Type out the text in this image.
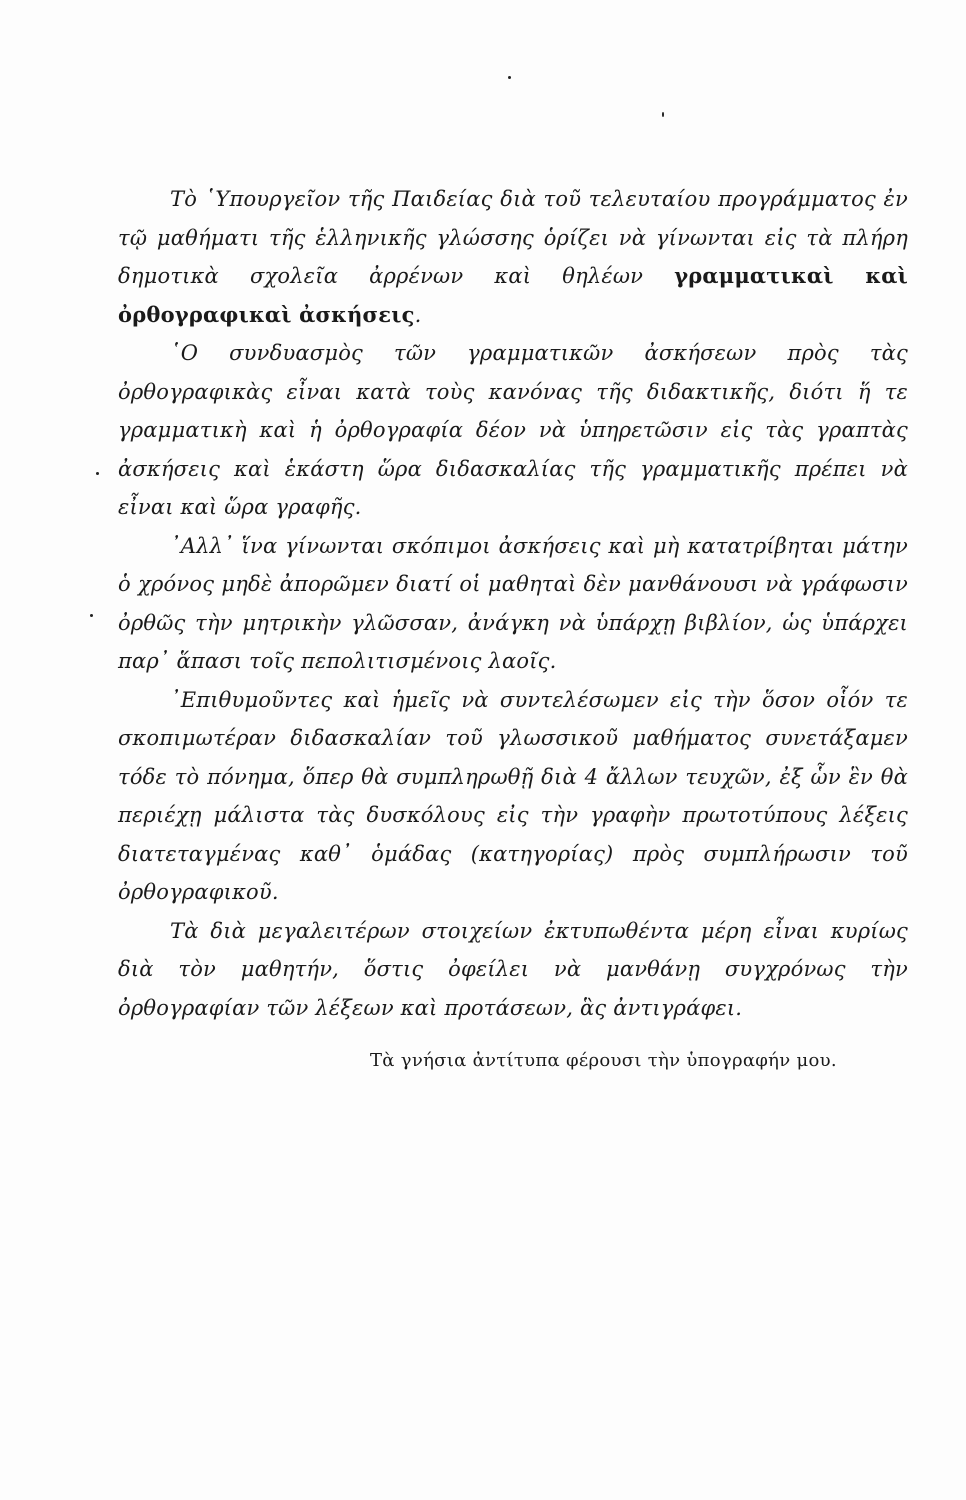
Τὸ ῾Υπουργεῖον τῆς Παιδείας διὰ τοῦ τελευταίου προγράμματος ἐν τῷ μαθήματι τῆς ἑλληνικῆς γλώσσης ὁρίζει νὰ γίνωνται εἰς τὰ πλήρη δημοτικὰ σχολεῖα ἀρρένων καὶ θηλέων γραμματικαὶ καὶ ὀρθογραφικαὶ ἀσκήσεις.

῾Ο συνδυασμὸς τῶν γραμματικῶν ἀσκήσεων πρὸς τὰς ὀρθογραφικὰς εἶναι κατὰ τοὺς κανόνας τῆς διδακτικῆς, διότι ἥ τε γραμματικὴ καὶ ἡ ὀρθογραφία δέον νὰ ὑπηρετῶσιν εἰς τὰς γραπτὰς ἀσκήσεις καὶ ἑκάστη ὥρα διδασκαλίας τῆς γραμματικῆς πρέπει νὰ εἶναι καὶ ὥρα γραφῆς.

᾿Αλλ᾿ ἵνα γίνωνται σκόπιμοι ἀσκήσεις καὶ μὴ κατατρίβηται μάτην ὁ χρόνος μηδὲ ἀπορῶμεν διατί οἱ μαθηταὶ δὲν μανθάνουσι νὰ γράφωσιν ὀρθῶς τὴν μητρικὴν γλῶσσαν, ἀνάγκη νὰ ὑπάρχῃ βιβλίον, ὡς ὑπάρχει παρ᾿ ἅπασι τοῖς πεπολιτισμένοις λαοῖς.

᾿Επιθυμοῦντες καὶ ἡμεῖς νὰ συντελέσωμεν εἰς τὴν ὅσον οἷόν τε σκοπιμωτέραν διδασκαλίαν τοῦ γλωσσικοῦ μαθήματος συνετάξαμεν τόδε τὸ πόνημα, ὅπερ θὰ συμπληρωθῇ διὰ 4 ἄλλων τευχῶν, ἐξ ὧν ἓν θὰ περιέχῃ μάλιστα τὰς δυσκόλους εἰς τὴν γραφὴν πρωτοτύπους λέξεις διατεταγμένας καθ᾿ ὁμάδας (κατηγορίας) πρὸς συμπλήρωσιν τοῦ ὀρθογραφικοῦ.

Τὰ διὰ μεγαλειτέρων στοιχείων ἐκτυπωθέντα μέρη εἶναι κυρίως διὰ τὸν μαθητήν, ὅστις ὀφείλει νὰ μανθάνῃ συγχρόνως τὴν ὀρθογραφίαν τῶν λέξεων καὶ προτάσεων, ἃς ἀντιγράφει.

Τὰ γνήσια ἀντίτυπα φέρουσι τὴν ὑπογραφήν μου.
